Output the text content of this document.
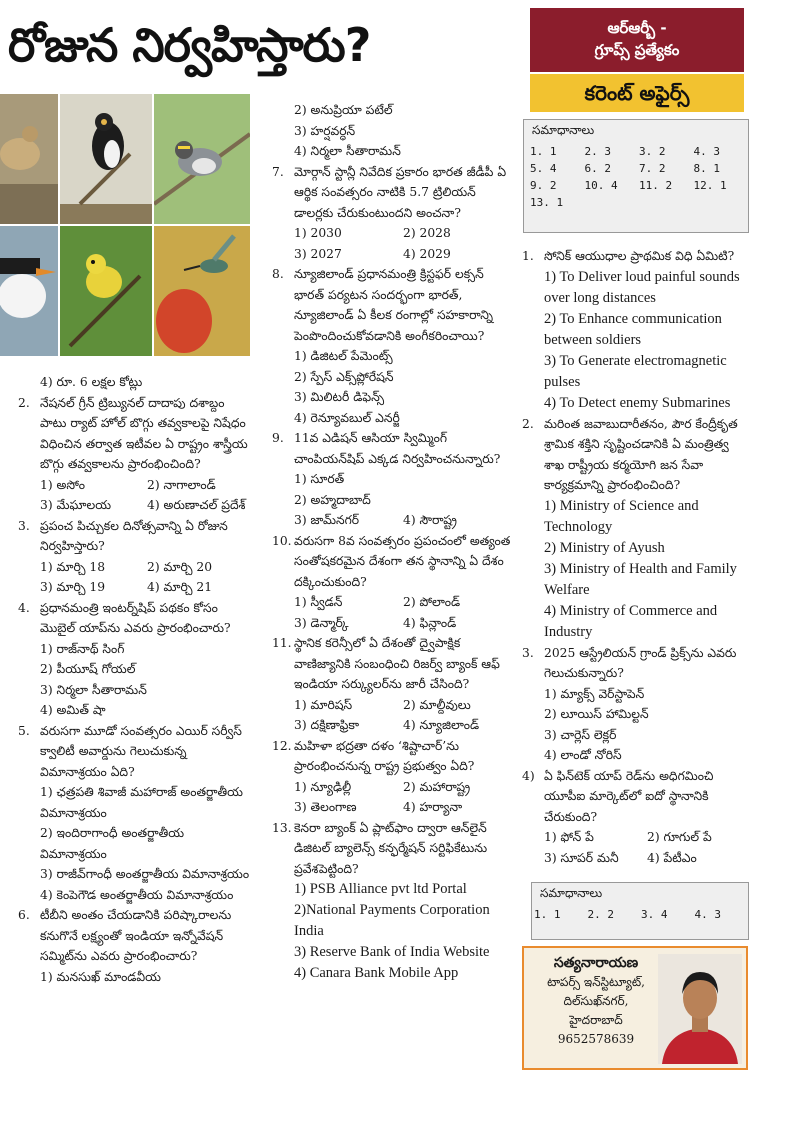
రోజున నిర్వహిస్తారు?	ఆర్ఆర్బీ -
గ్రూప్స్ ప్రత్యేకం
కరెంట్ అఫైర్స్
సమాధానాలు
1. 1	2. 3	3. 2	4. 3
5. 4	6. 2	7. 2	8. 1
9. 2	10. 4	11. 2	12. 1
13. 1			
4) రూ. 6 లక్షల కోట్లు
2. నేషనల్ గ్రీన్ ట్రిబ్యునల్ దాదాపు దశాబ్దం పాటు ర్యాట్ హోల్ బొగ్గు తవ్వకాలపై నిషేధం విధించిన తర్వాత ఇటీవల ఏ రాష్ట్రం శాస్త్రీయ బొగ్గు తవ్వకాలను ప్రారంభించింది?
1) అసోం	2) నాగాలాండ్
3) మేఘాలయ	4) అరుణాచల్ ప్రదేశ్
3. ప్రపంచ పిచ్చుకల దినోత్సవాన్ని ఏ రోజున నిర్వహిస్తారు?
1) మార్చి 18	2) మార్చి 20
3) మార్చి 19	4) మార్చి 21
4. ప్రధానమంత్రి ఇంటర్న్‌షిప్ పథకం కోసం మొబైల్ యాప్‌ను ఎవరు ప్రారంభించారు?
1) రాజ్‌నాథ్ సింగ్
2) పీయూష్ గోయల్
3) నిర్మలా సీతారామన్
4) అమిత్ షా
5. వరుసగా మూడో సంవత్సరం ఎయిర్ సర్వీస్ క్వాలిటీ అవార్డును గెలుచుకున్న విమానాశ్రయం ఏది?
1) ఛత్రపతి శివాజీ మహారాజ్ అంతర్జాతీయ విమానాశ్రయం
2) ఇందిరాగాంధీ అంతర్జాతీయ విమానాశ్రయం
3) రాజీవ్‌గాంధీ అంతర్జాతీయ విమానాశ్రయం
4) కెంపెగౌడ అంతర్జాతీయ విమానాశ్రయం
6. టీబీని అంతం చేయడానికి పరిష్కారాలను కనుగొనే లక్ష్యంతో ఇండియా ఇన్నోవేషన్ సమ్మిట్‌ను ఎవరు ప్రారంభించారు?
1) మనసుఖ్ మాండవీయ
2) అనుప్రియా పటేల్
3) హర్షవర్ధన్
4) నిర్మలా సీతారామన్
7. మోర్గాన్ స్టాన్లీ నివేదిక ప్రకారం భారత జీడీపీ ఏ ఆర్థిక సంవత్సరం నాటికి 5.7 ట్రిలియన్ డాలర్లకు చేరుకుంటుందని అంచనా?
1) 2030	2) 2028
3) 2027	4) 2029
8. న్యూజిలాండ్ ప్రధానమంత్రి క్రిస్టఫర్ లక్సన్ భారత్ పర్యటన సందర్భంగా భారత్, న్యూజిలాండ్ ఏ కీలక రంగాల్లో సహకారాన్ని పెంపొందించుకోవడానికి అంగీకరించాయి?
1) డిజిటల్ పేమెంట్స్
2) స్పేస్ ఎక్స్‌ప్లోరేషన్
3) మిలిటరీ డిఫెన్స్
4) రెన్యూవబుల్ ఎనర్జీ
9. 11వ ఎడిషన్ ఆసియా స్విమ్మింగ్ చాంపియన్‌షిప్ ఎక్కడ నిర్వహించనున్నారు?
1) సూరత్
2) అహ్మదాబాద్
3) జామ్‌నగర్	4) సౌరాష్ట్ర
10. వరుసగా 8వ సంవత్సరం ప్రపంచంలో అత్యంత సంతోషకరమైన దేశంగా తన స్థానాన్ని ఏ దేశం దక్కించుకుంది?
1) స్వీడన్	2) పోలాండ్
3) డెన్మార్క్	4) ఫిన్లాండ్
11. స్థానిక కరెన్సీలో ఏ దేశంతో ద్వైపాక్షిక వాణిజ్యానికి సంబంధించి రిజర్వ్ బ్యాంక్ ఆఫ్ ఇండియా సర్క్యులర్‌ను జారీ చేసింది?
1) మారిషస్	2) మాల్దీవులు
3) దక్షిణాఫ్రికా	4) న్యూజిలాండ్
12. మహిళా భద్రతా దళం ‘శిష్టాచార్’ను ప్రారంభించనున్న రాష్ట్ర ప్రభుత్వం ఏది?
1) న్యూఢిల్లీ	2) మహారాష్ట్ర
3) తెలంగాణ	4) హర్యానా
13. కెనరా బ్యాంక్ ఏ ప్లాట్‌ఫాం ద్వారా ఆన్‌లైన్ డిజిటల్ బ్యాలెన్స్ కన్ఫర్మేషన్ సర్టిఫికేటును ప్రవేశపెట్టింది?
1) PSB Alliance pvt ltd Portal
2)National Payments Corporation India
3) Reserve Bank of India Website
4) Canara Bank Mobile App
1. సోనిక్ ఆయుధాల ప్రాథమిక విధి ఏమిటి?
1) To Deliver loud painful sounds over long distances
2) To Enhance communication between soldiers
3) To Generate electromagnetic pulses
4) To Detect enemy Submarines
2. మరింత జవాబుదారీతనం, పౌర కేంద్రీకృత శ్రామిక శక్తిని సృష్టించడానికి ఏ మంత్రిత్వ శాఖ రాష్ట్రీయ కర్మయోగి జన సేవా కార్యక్రమాన్ని ప్రారంభించింది?
1) Ministry of Science and Technology
2) Ministry of Ayush
3) Ministry of Health and Family Welfare
4) Ministry of Commerce and Industry
3. 2025 ఆస్ట్రేలియన్ గ్రాండ్ ప్రిక్స్‌ను ఎవరు గెలుచుకున్నారు?
1) మ్యాక్స్ వెర్‌స్టాపెన్
2) లూయిస్ హామిల్టన్
3) చార్లెస్ లెక్లర్
4) లాండో నోరిస్
4) ఏ ఫిన్‌టెక్ యాప్ రెడ్‌ను అధిగమించి యూపీఐ మార్కెట్‌లో ఐదో స్థానానికి చేరుకుంది?
1) ఫోన్ పే	2) గూగుల్ పే
3) సూపర్ మనీ	4) పేటీఎం
సమాధానాలు
1. 1	2. 2	3. 4	4. 3
సత్యనారాయణ
టాపర్స్ ఇన్‌స్టిట్యూట్,
దిల్‌సుఖ్‌నగర్,
హైదరాబాద్
9652578639
